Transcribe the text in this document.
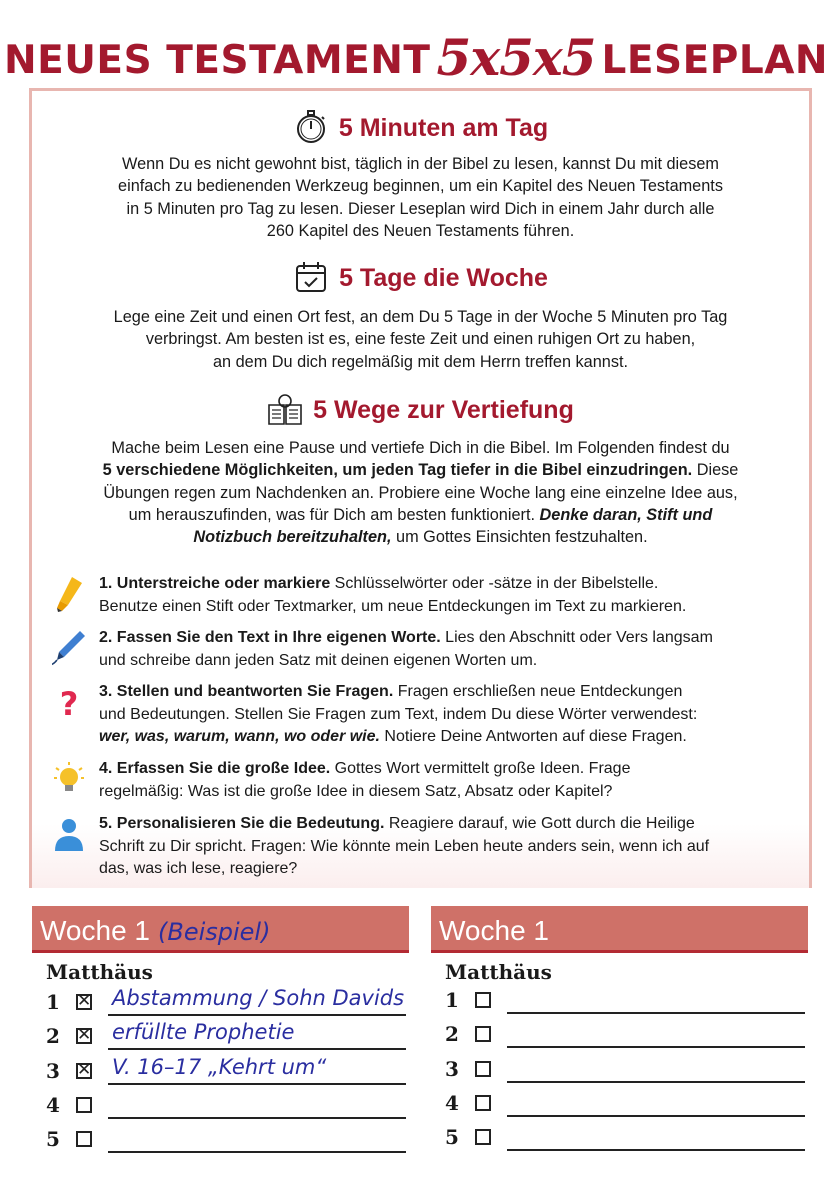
NEUES TESTAMENT 5x5x5 LESEPLAN
5 Minuten am Tag
Wenn Du es nicht gewohnt bist, täglich in der Bibel zu lesen, kannst Du mit diesem
einfach zu bedienenden Werkzeug beginnen, um ein Kapitel des Neuen Testaments
in 5 Minuten pro Tag zu lesen. Dieser Leseplan wird Dich in einem Jahr durch alle
260 Kapitel des Neuen Testaments führen.
5 Tage die Woche
Lege eine Zeit und einen Ort fest, an dem Du 5 Tage in der Woche 5 Minuten pro Tag
verbringst. Am besten ist es, eine feste Zeit und einen ruhigen Ort zu haben,
an dem Du dich regelmäßig mit dem Herrn treffen kannst.
5 Wege zur Vertiefung
Mache beim Lesen eine Pause und vertiefe Dich in die Bibel. Im Folgenden findest du
5 verschiedene Möglichkeiten, um jeden Tag tiefer in die Bibel einzudringen. Diese
Übungen regen zum Nachdenken an. Probiere eine Woche lang eine einzelne Idee aus,
um herauszufinden, was für Dich am besten funktioniert. Denke daran, Stift und
Notizbuch bereitzuhalten, um Gottes Einsichten festzuhalten.
1. Unterstreiche oder markiere Schlüsselwörter oder -sätze in der Bibelstelle.
Benutze einen Stift oder Textmarker, um neue Entdeckungen im Text zu markieren.
2. Fassen Sie den Text in Ihre eigenen Worte. Lies den Abschnitt oder Vers langsam
und schreibe dann jeden Satz mit deinen eigenen Worten um.
? 3. Stellen und beantworten Sie Fragen. Fragen erschließen neue Entdeckungen
und Bedeutungen. Stellen Sie Fragen zum Text, indem Du diese Wörter verwendest:
wer, was, warum, wann, wo oder wie. Notiere Deine Antworten auf diese Fragen.
4. Erfassen Sie die große Idee. Gottes Wort vermittelt große Ideen. Frage
regelmäßig: Was ist die große Idee in diesem Satz, Absatz oder Kapitel?
5. Personalisieren Sie die Bedeutung. Reagiere darauf, wie Gott durch die Heilige
Schrift zu Dir spricht. Fragen: Wie könnte mein Leben heute anders sein, wenn ich auf
das, was ich lese, reagiere?
Woche 1 (Beispiel)
Matthäus
1 ✕ Abstammung / Sohn Davids
2 ✕ erfüllte Prophetie
3 ✕ V. 16–17 „Kehrt um“
4
5
Woche 1
Matthäus
1
2
3
4
5
